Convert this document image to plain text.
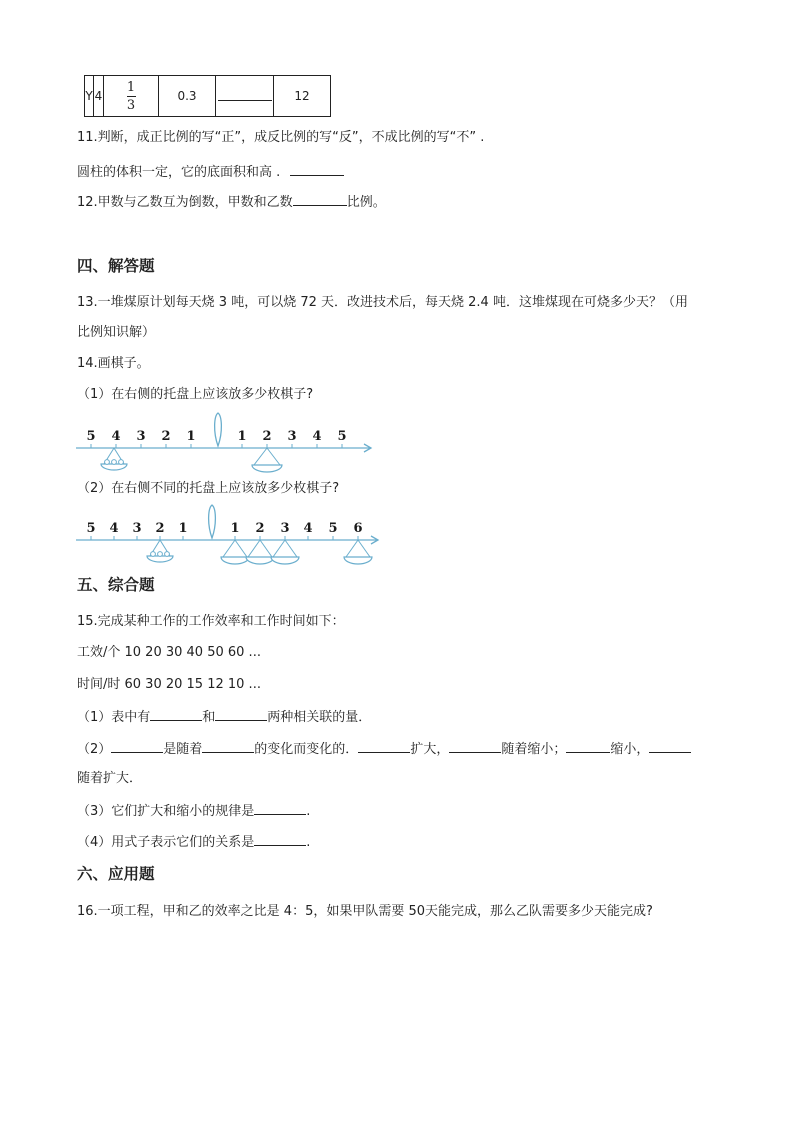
Y	4	$\frac{1}{3}$	0.3		12
11.判断，成正比例的写“正”，成反比例的写“反”，不成比例的写“不” .
圆柱的体积一定，它的底面积和高 .
12.甲数与乙数互为倒数，甲数和乙数	比例。
四、解答题
13.一堆煤原计划每天烧 3 吨，可以烧 72 天．改进技术后，每天烧 2.4 吨．这堆煤现在可烧多少天？（用
比例知识解）
14.画棋子。
（1）在右侧的托盘上应该放多少枚棋子?
5 4 3 2 1	1 2 3 4 5
（2）在右侧不同的托盘上应该放多少枚棋子?
5 4 3 2 1	1 2 3 4 5 6
五、综合题
15.完成某种工作的工作效率和工作时间如下：
工效/个 10 20 30 40 50 60 ...
时间/时 60 30 20 15 12 10 ...
（1）表中有	和	两种相关联的量．
（2）	是随着	的变化而变化的．	扩大，	随着缩小；	缩小，
随着扩大．
（3）它们扩大和缩小的规律是	.
（4）用式子表示它们的关系是	.
六、应用题
16.一项工程，甲和乙的效率之比是 4：5，如果甲队需要 50天能完成，那么乙队需要多少天能完成?
